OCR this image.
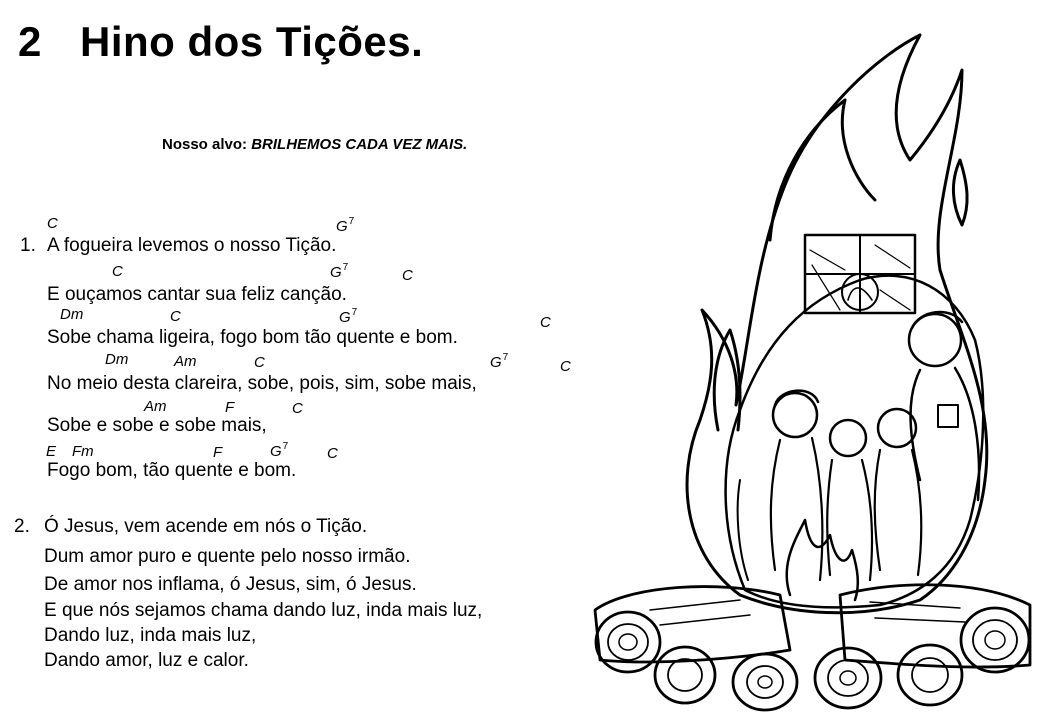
2 Hino dos Tições.
Nosso alvo: BRILHEMOS CADA VEZ MAIS.
1.
C	$G^7$
A fogueira levemos o nosso Tição.
C	$G^7$	C
E ouçamos cantar sua feliz canção.
Dm	C	$G^7$
C
Sobe chama ligeira, fogo bom tão quente e bom.
Dm	Am	C	$G^7$
C
No meio desta clareira, sobe, pois, sim, sobe mais,
Am	F	C
Sobe e sobe e sobe mais,
E Fm	F	$G^7$	C
Fogo bom, tão quente e bom.
2. Ó Jesus, vem acende em nós o Tição.
Dum amor puro e quente pelo nosso irmão.
De amor nos inflama, ó Jesus, sim, ó Jesus.
E que nós sejamos chama dando luz, inda mais luz,
Dando luz, inda mais luz,
Dando amor, luz e calor.
